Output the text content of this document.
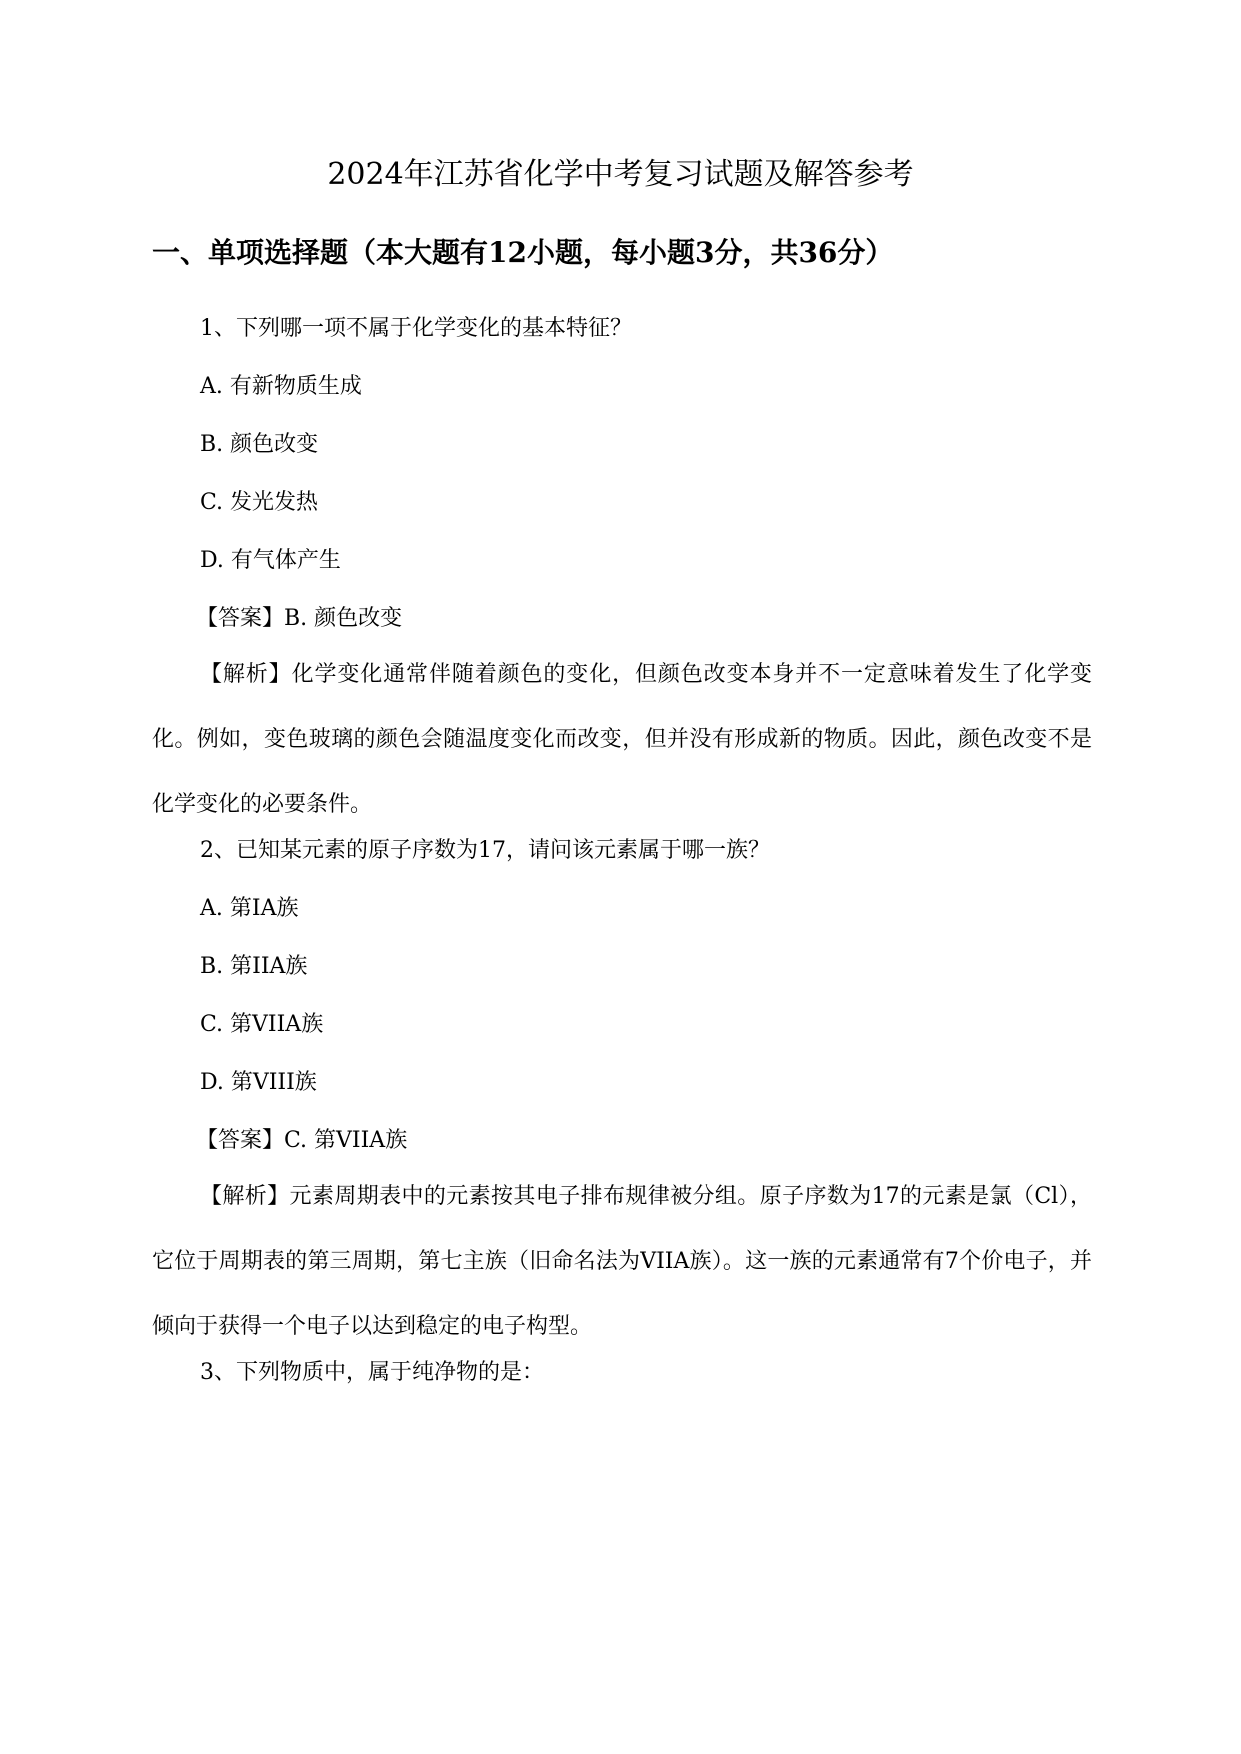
2024年江苏省化学中考复习试题及解答参考
一、单项选择题（本大题有12小题，每小题3分，共36分）
1、下列哪一项不属于化学变化的基本特征？
A. 有新物质生成
B. 颜色改变
C. 发光发热
D. 有气体产生
【答案】B. 颜色改变
【解析】化学变化通常伴随着颜色的变化，但颜色改变本身并不一定意味着发生了化学变化。例如，变色玻璃的颜色会随温度变化而改变，但并没有形成新的物质。因此，颜色改变不是化学变化的必要条件。
2、已知某元素的原子序数为17，请问该元素属于哪一族？
A. 第IA族
B. 第IIA族
C. 第VIIA族
D. 第VIII族
【答案】C. 第VIIA族
【解析】元素周期表中的元素按其电子排布规律被分组。原子序数为17的元素是氯（Cl），它位于周期表的第三周期，第七主族（旧命名法为VIIA族）。这一族的元素通常有7个价电子，并倾向于获得一个电子以达到稳定的电子构型。
3、下列物质中，属于纯净物的是：
